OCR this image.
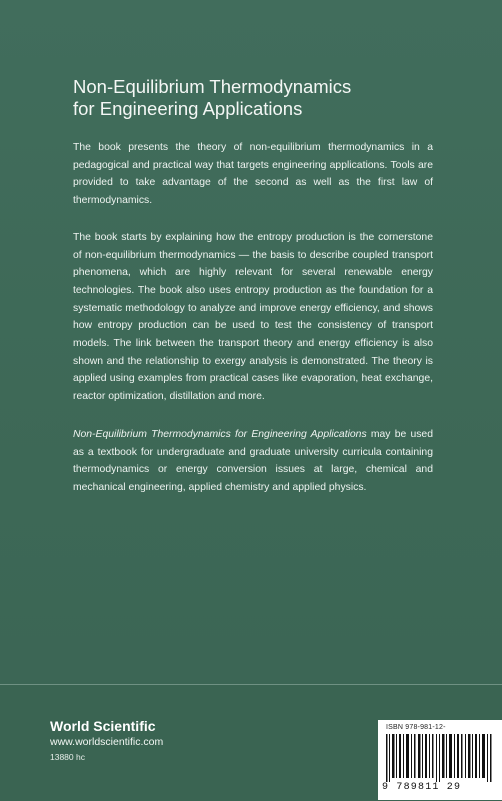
Non-Equilibrium Thermodynamics
for Engineering Applications

The book presents the theory of non-equilibrium thermodynamics in a pedagogical and practical way that targets engineering applications. Tools are provided to take advantage of the second as well as the first law of thermodynamics.

The book starts by explaining how the entropy production is the cornerstone of non-equilibrium thermodynamics — the basis to describe coupled transport phenomena, which are highly relevant for several renewable energy technologies. The book also uses entropy production as the foundation for a systematic methodology to analyze and improve energy efficiency, and shows how entropy production can be used to test the consistency of transport models. The link between the transport theory and energy efficiency is also shown and the relationship to exergy analysis is demonstrated. The theory is applied using examples from practical cases like evaporation, heat exchange, reactor optimization, distillation and more.

Non-Equilibrium Thermodynamics for Engineering Applications may be used as a textbook for undergraduate and graduate university curricula containing thermodynamics or energy conversion issues at large, chemical and mechanical engineering, applied chemistry and applied physics.

World Scientific
www.worldscientific.com
13880 hc
ISBN 978-981-12-
9 789811 29
